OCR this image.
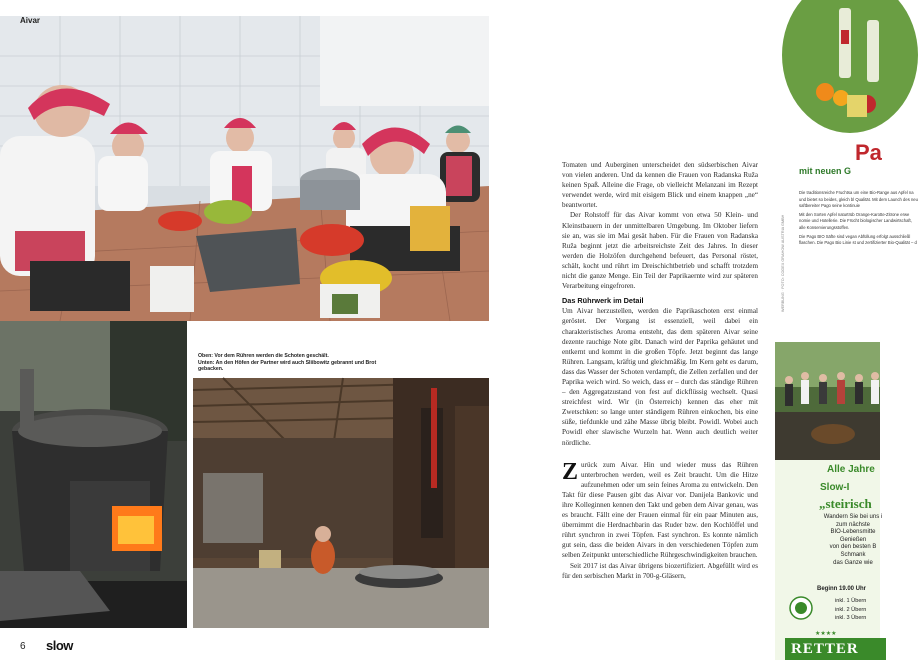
Aivar

Oben: Vor dem Rühren werden die Schoten geschält.

Unten: An den Höfen der Partner wird auch Sliibowitz gebrannt und Brot gebacken.

Tomaten und Auberginen unterscheidet den südserbischen Aivar von vielen anderen. Und da kennen die Frauen von Radanska Ruža keinen Spaß. Alleine die Frage, ob vielleicht Melanzani im Rezept verwendet werde, wird mit eisigem Blick und einem knappen „ne“ beantwortet.

Der Rohstoff für das Aivar kommt von etwa 50 Klein- und Kleinstbauern in der unmittelbaren Umgebung. Im Oktober liefern sie an, was sie im Mai gesät haben. Für die Frauen von Radanska Ruža beginnt jetzt die arbeitsreichste Zeit des Jahres. In dieser werden die Holzöfen durchgehend befeuert, das Personal röstet, schält, kocht und rührt im Dreischichtbetrieb und schafft trotzdem nicht die ganze Menge. Ein Teil der Paprikaernte wird zur späteren Verarbeitung eingefroren.

Das Rührwerk im Detail

Um Aivar herzustellen, werden die Paprikaschoten erst einmal geröstet. Der Vorgang ist essenziell, weil dabei ein charakteristisches Aroma entsteht, das dem späteren Aivar seine dezente rauchige Note gibt. Danach wird der Paprika gehäutet und entkernt und kommt in die großen Töpfe. Jetzt beginnt das lange Rühren. Langsam, kräftig und gleichmäßig. Im Kern geht es darum, dass das Wasser der Schoten verdampft, die Zellen zerfallen und der Paprika weich wird. So weich, dass er – durch das ständige Rühren – den Aggregatzustand von fest auf dickflüssig wechselt. Quasi streichfest wird. Wir (in Österreich) kennen das eher mit Zwetschken: so lange unter ständigem Rühren einkochen, bis eine süße, tiefdunkle und zähe Masse übrig bleibt. Powidl. Wobei auch Powidl eher slawische Wurzeln hat. Wenn auch deutlich weiter nördliche.

Zurück zum Aivar. Hin und wieder muss das Rühren unterbrochen werden, weil es Zeit braucht. Um die Hitze aufzunehmen oder um sein feines Aroma zu entwickeln. Den Takt für diese Pausen gibt das Aivar vor. Danijela Bankovic und ihre Kolleginnen kennen den Takt und geben dem Aivar genau, was es braucht. Fällt eine der Frauen einmal für ein paar Minuten aus, übernimmt die Herdnachbarin das Ruder bzw. den Kochlöffel und rührt synchron in zwei Töpfen. Fast synchron. Es konnte nämlich gut sein, dass die beiden Aivars in den verschiedenen Töpfen zum selben Zeitpunkt unterschiedliche Rührgeschwindigkeiten brauchen.

Seit 2017 ist das Aivar übrigens biozertifiziert. Abgefüllt wird es für den serbischen Markt in 700-g-Gläsern,

6 slow
WERBUNG · FOTO: CODEX GRAHOW AUSTRIA GMBH
Pa
mit neuen G

Die traditionsreiche Fruchtsa um eine Bio-Range aus Apfel na und bietet so beides, gleich bl Qualität. Mit dem Launch des neu saftbereiter Pago seine kontinuie

Mit den Sorten Apfel naturtrüb Orange-Karotte-Zitrone erwe nomie und Hotellerie. Die Frücht biologischer Landwirtschaft, alle Konservierungsstoffen.

Die Pago BIO Säfte sind vegan Abfüllung erfolgt ausschließl flaschen. Die Pago Bio Linie st und zertifizierter Bio-Qualität – d

Alle Jahre
Slow-I
„steirisch

Wandern Sie bei uns i

zum nächste

BIO-Lebensmitte

Genießen

von den besten B

Schmank

das Ganze wie

Beginn 19.00 Uhr
inkl. 1 Übern
inkl. 2 Übern
inkl. 3 Übern
★★★★
RETTER
